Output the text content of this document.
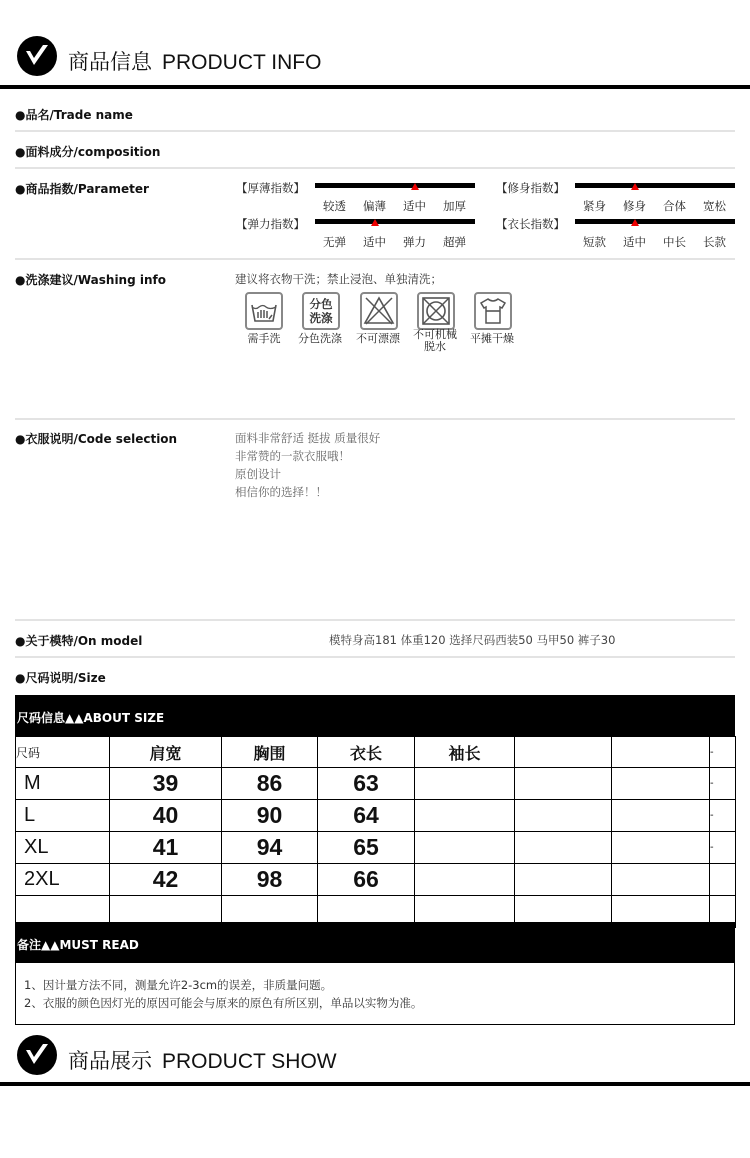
商品信息 PRODUCT INFO
●品名/Trade name
●面料成分/composition
●商品指数/Parameter	【厚薄指数】
较透 偏薄 适中 加厚
【修身指数】
紧身 修身 合体 宽松
【弹力指数】
无弹 适中 弹力 超弹
【衣长指数】
短款 适中 中长 长款
●洗涤建议/Washing info	建议将衣物干洗；禁止浸泡、单独清洗；
需手洗
分色
洗涤
分色洗涤	不可漂漂	不可机械
脱水
平摊干燥
●衣服说明/Code selection	面料非常舒适 挺拔 质量很好
非常赞的一款衣服哦！
原创设计
相信你的选择！！
●关于模特/On model	模特身高181 体重120 选择尺码西装50 马甲50 裤子30
●尺码说明/Size
尺码信息▲▲ABOUT SIZE
尺码	肩宽	胸围	衣长	袖长			-
M	39	86	63				-
L	40	90	64				-
XL	41	94	65				-
2XL	42	98	66				

备注▲▲MUST READ
1、因计量方法不同，测量允许2-3cm的误差，非质量问题。
2、衣服的颜色因灯光的原因可能会与原来的原色有所区别，单品以实物为准。
商品展示 PRODUCT SHOW
